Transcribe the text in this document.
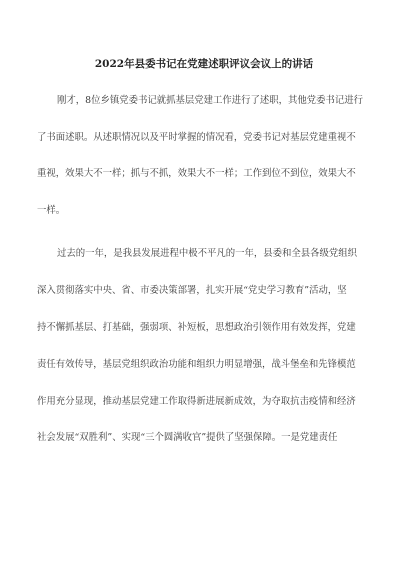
2022年县委书记在党建述职评议会议上的讲话
刚才，8位乡镇党委书记就抓基层党建工作进行了述职，其他党委书记进行
了书面述职。从述职情况以及平时掌握的情况看，党委书记对基层党建重视不
重视，效果大不一样；抓与不抓，效果大不一样；工作到位不到位，效果大不
一样。
过去的一年，是我县发展进程中极不平凡的一年，县委和全县各级党组织
深入贯彻落实中央、省、市委决策部署，扎实开展“党史学习教育”活动，坚
持不懈抓基层、打基础，强弱项、补短板，思想政治引领作用有效发挥，党建
责任有效传导，基层党组织政治功能和组织力明显增强，战斗堡垒和先锋模范
作用充分显现，推动基层党建工作取得新进展新成效，为夺取抗击疫情和经济
社会发展“双胜利”、实现“三个圆满收官”提供了坚强保障。一是党建责任
